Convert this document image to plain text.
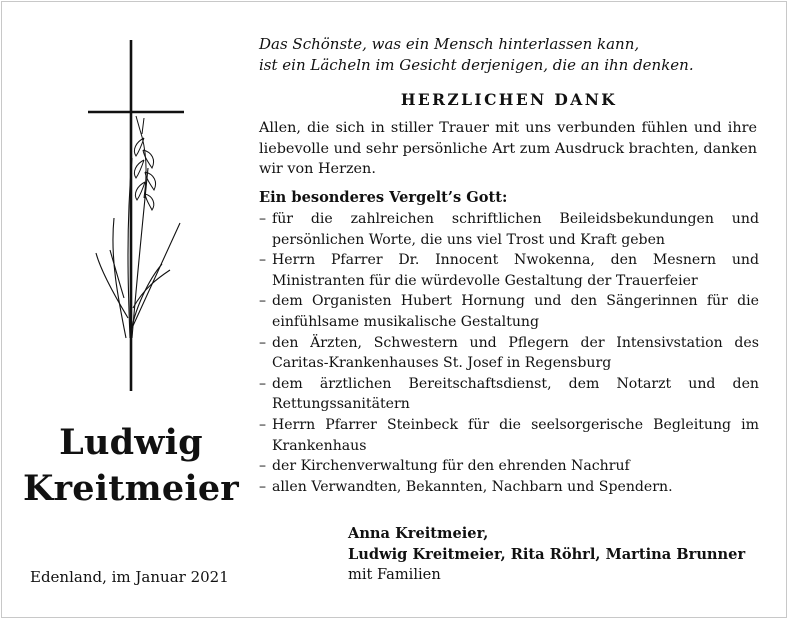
Das Schönste, was ein Mensch hinterlassen kann,
ist ein Lächeln im Gesicht derjenigen, die an ihn denken.
HERZLICHEN DANK
Allen, die sich in stiller Trauer mit uns verbunden fühlen und ihre liebevolle und sehr persönliche Art zum Ausdruck brachten, danken wir von Herzen.
Ein besonderes Vergelt’s Gott:
– für die zahlreichen schriftlichen Beileidsbekundungen und persönlichen Worte, die uns viel Trost und Kraft geben
– Herrn Pfarrer Dr. Innocent Nwokenna, den Mesnern und Ministranten für die würdevolle Gestaltung der Trauerfeier
– dem Organisten Hubert Hornung und den Sängerinnen für die einfühlsame musikalische Gestaltung
– den Ärzten, Schwestern und Pflegern der Intensivstation des Caritas-Krankenhauses St. Josef in Regensburg
– dem ärztlichen Bereitschaftsdienst, dem Notarzt und den Rettungssanitätern
– Herrn Pfarrer Steinbeck für die seelsorgerische Begleitung im Krankenhaus
– der Kirchenverwaltung für den ehrenden Nachruf
– allen Verwandten, Bekannten, Nachbarn und Spendern.
Ludwig
Kreitmeier
Edenland, im Januar 2021
Anna Kreitmeier,
Ludwig Kreitmeier, Rita Röhrl, Martina Brunner
mit Familien
